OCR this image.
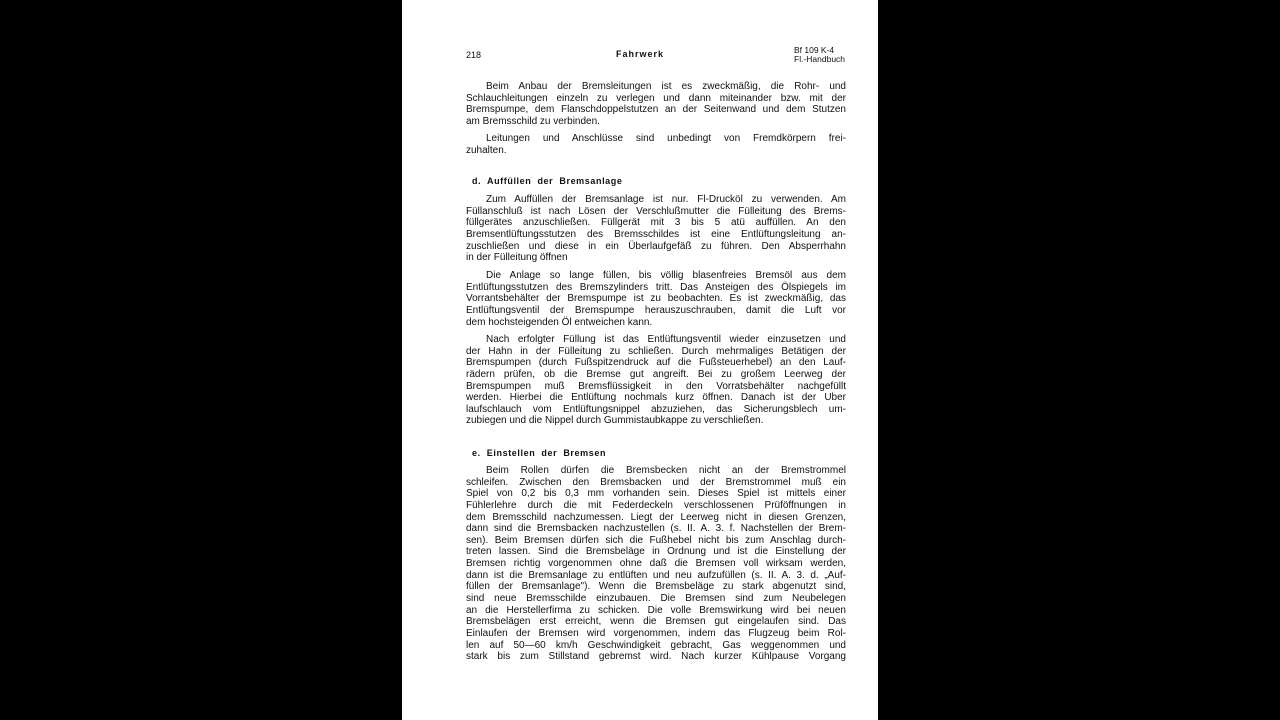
218	Fahrwerk	Bf 109 K-4
Fl.-Handbuch
Beim Anbau der Bremsleitungen ist es zweckmäßig, die Rohr- und
Schlauchleitungen einzeln zu verlegen und dann miteinander bzw. mit der
Bremspumpe, dem Flanschdoppelstutzen an der Seitenwand und dem Stutzen
am Bremsschild zu verbinden.
Leitungen und Anschlüsse sind unbedingt von Fremdkörpern frei-
zuhalten.
d. Auffüllen der Bremsanlage
Zum Auffüllen der Bremsanlage ist nur. Fl-Drucköl zu verwenden. Am
Füllanschluß ist nach Lösen der Verschlußmutter die Fülleitung des Brems-
füllgerätes anzuschließen. Füllgerät mit 3 bis 5 atü auffüllen. An den
Bremsentlüftungsstutzen des Bremsschildes ist eine Entlüftungsleitung an-
zuschließen und diese in ein Überlaufgefäß zu führen. Den Absperrhahn
in der Fülleitung öffnen
Die Anlage so lange füllen, bis völlig blasenfreies Bremsöl aus dem
Entlüftungsstutzen des Bremszylinders tritt. Das Ansteigen des Ölspiegels im
Vorrantsbehälter der Bremspumpe ist zu beobachten. Es ist zweckmäßig, das
Entlüftungsventil der Bremspumpe herauszuschrauben, damit die Luft vor
dem hochsteigenden Öl entweichen kann.
Nach erfolgter Füllung ist das Entlüftungsventil wieder einzusetzen und
der Hahn in der Fülleitung zu schließen. Durch mehrmaliges Betätigen der
Bremspumpen (durch Fußspitzendruck auf die Fußsteuerhebel) an den Lauf-
rädern prüfen, ob die Bremse gut angreift. Bei zu großem Leerweg der
Bremspumpen muß Bremsflüssigkeit in den Vorratsbehälter nachgefüllt
werden. Hierbei die Entlüftung nochmals kurz öffnen. Danach ist der Uber
laufschlauch vom Entlüftungsnippel abzuziehen, das Sicherungsblech um-
zubiegen und die Nippel durch Gummistaubkappe zu verschließen.
e. Einstellen der Bremsen
Beim Rollen dürfen die Bremsbecken nicht an der Bremstrommel
schleifen. Zwischen den Bremsbacken und der Bremstrommel muß ein
Spiel von 0,2 bis 0,3 mm vorhanden sein. Dieses Spiel ist mittels einer
Fühlerlehre durch die mit Federdeckeln verschlossenen Prüföffnungen in
dem Bremsschild nachzumessen. Liegt der Leerweg nicht in diesen Grenzen,
dann sind die Bremsbacken nachzustellen (s. II. A. 3. f. Nachstellen der Brem-
sen). Beim Bremsen dürfen sich die Fußhebel nicht bis zum Anschlag durch-
treten lassen. Sind die Bremsbeläge in Ordnung und ist die Einstellung der
Bremsen richtig vorgenommen ohne daß die Bremsen voll wirksam werden,
dann ist die Bremsanlage zu entlüften und neu aufzufüllen (s. II. A. 3. d. „Auf-
füllen der Bremsanlage"). Wenn die Bremsbeläge zu stark abgenutzt sind,
sind neue Bremsschilde einzubauen. Die Bremsen sind zum Neubelegen
an die Herstellerfirma zu schicken. Die volle Bremswirkung wird bei neuen
Bremsbelägen erst erreicht, wenn die Bremsen gut eingelaufen sind. Das
Einlaufen der Bremsen wird vorgenommen, indem das Flugzeug beim Rol-
len auf 50—60 km/h Geschwindigkeit gebracht, Gas weggenommen und
stark bis zum Stillstand gebremst wird. Nach kurzer Kühlpause Vorgang
